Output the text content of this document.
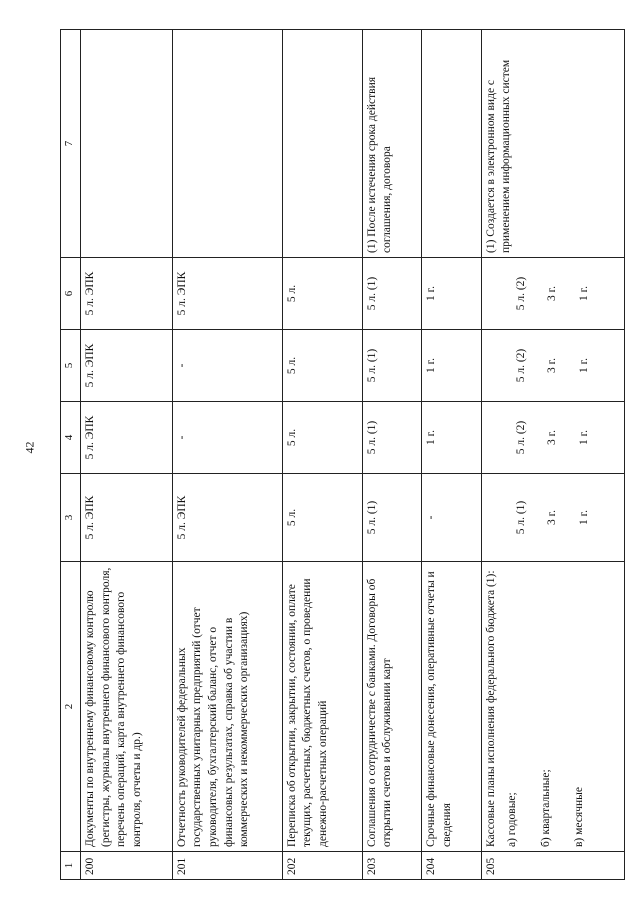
42
1	2	3	4	5	6	7
200	Документы по внутреннему финансовому контролю (регистры, журналы внутреннего финансового контроля, перечень операций, карта внутреннего финансового контроля, отчеты и др.)	5 л. ЭПК	5 л. ЭПК	5 л. ЭПК	5 л. ЭПК	
201	Отчетность руководителей федеральных государственных унитарных предприятий (отчет руководителя, бухгалтерский баланс, отчет о финансовых результатах, справка об участии в коммерческих и некоммерческих организациях)	5 л. ЭПК	-	-	5 л. ЭПК	
202	Переписка об открытии, закрытии, состоянии, оплате текущих, расчетных, бюджетных счетов, о проведении денежно-расчетных операций	5 л.	5 л.	5 л.	5 л.	
203	Соглашения о сотрудничестве с банками. Договоры об открытии счетов и обслуживании карт	5 л. (1)	5 л. (1)	5 л. (1)	5 л. (1)	(1) После истечения срока действия соглашения, договора
204	Срочные финансовые донесения, оперативные отчеты и сведения	-	1 г.	1 г.	1 г.	
205	Кассовые планы исполнения федерального бюджета (1): а) годовые; б) квартальные; в) месячные	5 л. (1) 3 г. 1 г.	5 л. (2) 3 г. 1 г.	5 л. (2) 3 г. 1 г.	5 л. (2) 3 г. 1 г.	(1) Создается в электронном виде с применением информационных систем
